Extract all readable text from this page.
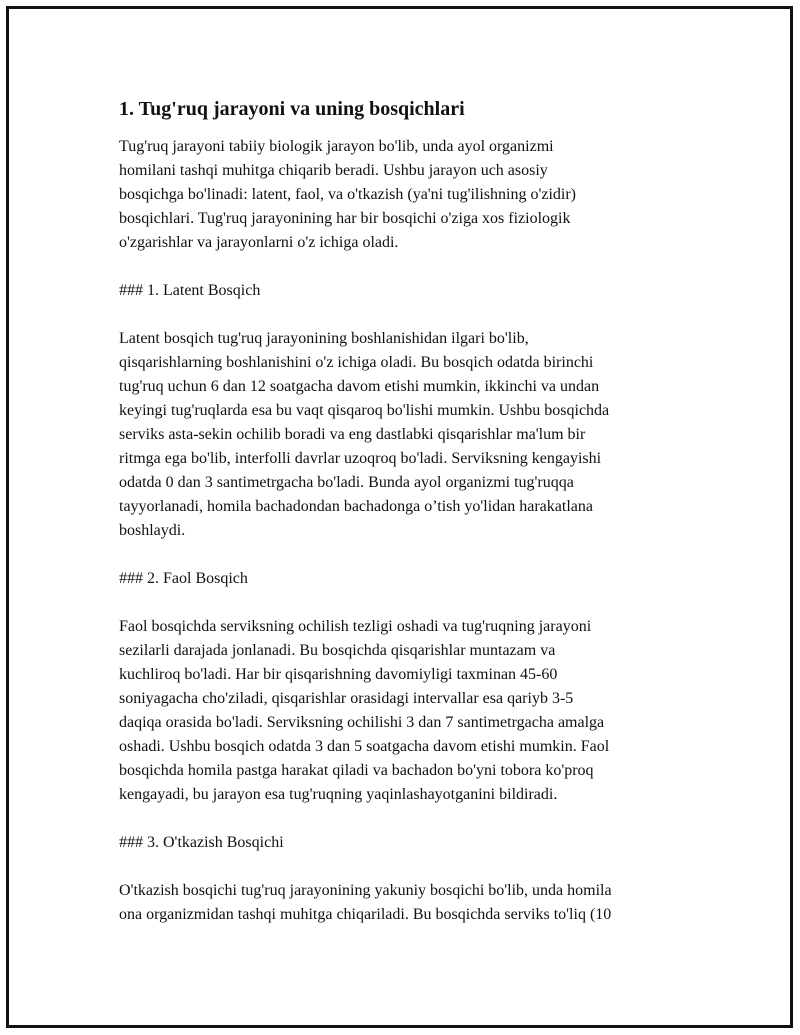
1. Tug'ruq jarayoni va uning bosqichlari

Tug'ruq jarayoni tabiiy biologik jarayon bo'lib, unda ayol organizmi
homilani tashqi muhitga chiqarib beradi. Ushbu jarayon uch asosiy
bosqichga bo'linadi: latent, faol, va o'tkazish (ya'ni tug'ilishning o'zidir)
bosqichlari. Tug'ruq jarayonining har bir bosqichi o'ziga xos fiziologik
o'zgarishlar va jarayonlarni o'z ichiga oladi.

### 1. Latent Bosqich

Latent bosqich tug'ruq jarayonining boshlanishidan ilgari bo'lib,
qisqarishlarning boshlanishini o'z ichiga oladi. Bu bosqich odatda birinchi
tug'ruq uchun 6 dan 12 soatgacha davom etishi mumkin, ikkinchi va undan
keyingi tug'ruqlarda esa bu vaqt qisqaroq bo'lishi mumkin. Ushbu bosqichda
serviks asta-sekin ochilib boradi va eng dastlabki qisqarishlar ma'lum bir
ritmga ega bo'lib, interfolli davrlar uzoqroq bo'ladi. Serviksning kengayishi
odatda 0 dan 3 santimetrgacha bo'ladi. Bunda ayol organizmi tug'ruqqa
tayyorlanadi, homila bachadondan bachadonga o’tish yo'lidan harakatlana
boshlaydi.

### 2. Faol Bosqich

Faol bosqichda serviksning ochilish tezligi oshadi va tug'ruqning jarayoni
sezilarli darajada jonlanadi. Bu bosqichda qisqarishlar muntazam va
kuchliroq bo'ladi. Har bir qisqarishning davomiyligi taxminan 45-60
soniyagacha cho'ziladi, qisqarishlar orasidagi intervallar esa qariyb 3-5
daqiqa orasida bo'ladi. Serviksning ochilishi 3 dan 7 santimetrgacha amalga
oshadi. Ushbu bosqich odatda 3 dan 5 soatgacha davom etishi mumkin. Faol
bosqichda homila pastga harakat qiladi va bachadon bo'yni tobora ko'proq
kengayadi, bu jarayon esa tug'ruqning yaqinlashayotganini bildiradi.

### 3. O'tkazish Bosqichi

O'tkazish bosqichi tug'ruq jarayonining yakuniy bosqichi bo'lib, unda homila
ona organizmidan tashqi muhitga chiqariladi. Bu bosqichda serviks to'liq (10
